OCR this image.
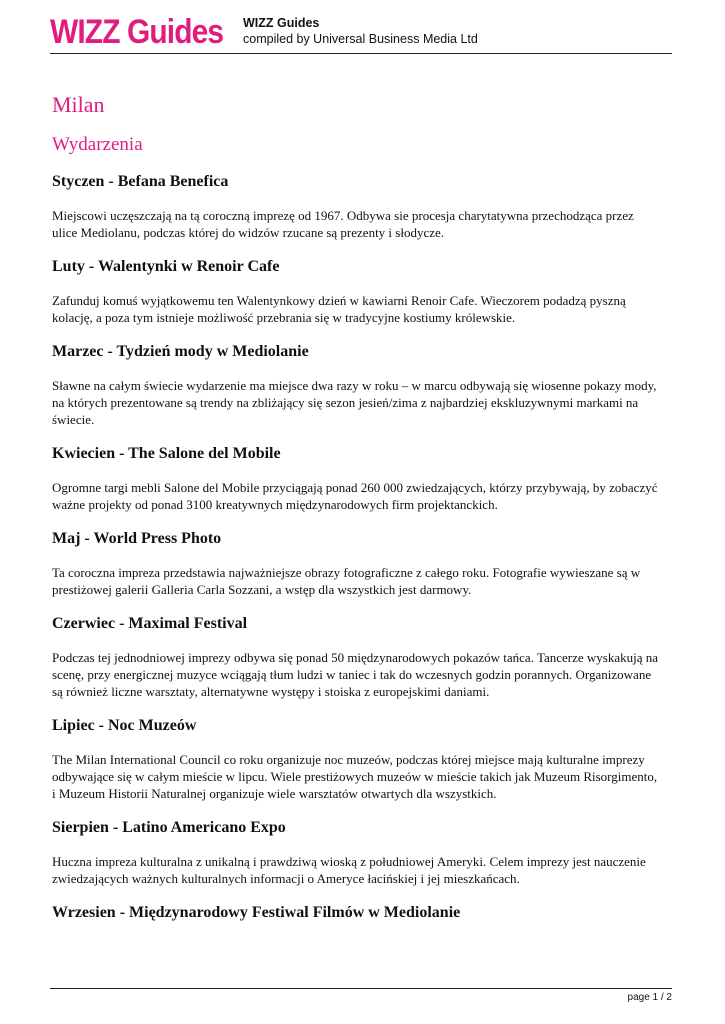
WIZZ Guides WIZZ Guides
compiled by Universal Business Media Ltd
Milan
Wydarzenia
Styczen - Befana Benefica

Miejscowi uczęszczają na tą coroczną imprezę od 1967. Odbywa sie procesja charytatywna przechodząca przez ulice Mediolanu, podczas której do widzów rzucane są prezenty i słodycze.

Luty - Walentynki w Renoir Cafe

Zafunduj komuś wyjątkowemu ten Walentynkowy dzień w kawiarni Renoir Cafe. Wieczorem podadzą pyszną kolację, a poza tym istnieje możliwość przebrania się w tradycyjne kostiumy królewskie.

Marzec - Tydzień mody w Mediolanie

Sławne na całym świecie wydarzenie ma miejsce dwa razy w roku – w marcu odbywają się wiosenne pokazy mody, na których prezentowane są trendy na zbliżający się sezon jesień/zima z najbardziej ekskluzywnymi markami na świecie.

Kwiecien - The Salone del Mobile

Ogromne targi mebli Salone del Mobile przyciągają ponad 260 000 zwiedzających, którzy przybywają, by zobaczyć ważne projekty od ponad 3100 kreatywnych międzynarodowych firm projektanckich.

Maj - World Press Photo

Ta coroczna impreza przedstawia najważniejsze obrazy fotograficzne z całego roku. Fotografie wywieszane są w prestiżowej galerii Galleria Carla Sozzani, a wstęp dla wszystkich jest darmowy.

Czerwiec - Maximal Festival

Podczas tej jednodniowej imprezy odbywa się ponad 50 międzynarodowych pokazów tańca. Tancerze wyskakują na scenę, przy energicznej muzyce wciągają tłum ludzi w taniec i tak do wczesnych godzin porannych. Organizowane są również liczne warsztaty, alternatywne występy i stoiska z europejskimi daniami.

Lipiec - Noc Muzeów

The Milan International Council co roku organizuje noc muzeów, podczas której miejsce mają kulturalne imprezy odbywające się w całym mieście w lipcu. Wiele prestiżowych muzeów w mieście takich jak Muzeum Risorgimento, i Muzeum Historii Naturalnej organizuje wiele warsztatów otwartych dla wszystkich.

Sierpien - Latino Americano Expo

Huczna impreza kulturalna z unikalną i prawdziwą wioską z południowej Ameryki. Celem imprezy jest nauczenie zwiedzających ważnych kulturalnych informacji o Ameryce łacińskiej i jej mieszkańcach.

Wrzesien - Międzynarodowy Festiwal Filmów w Mediolanie
page 1 / 2
